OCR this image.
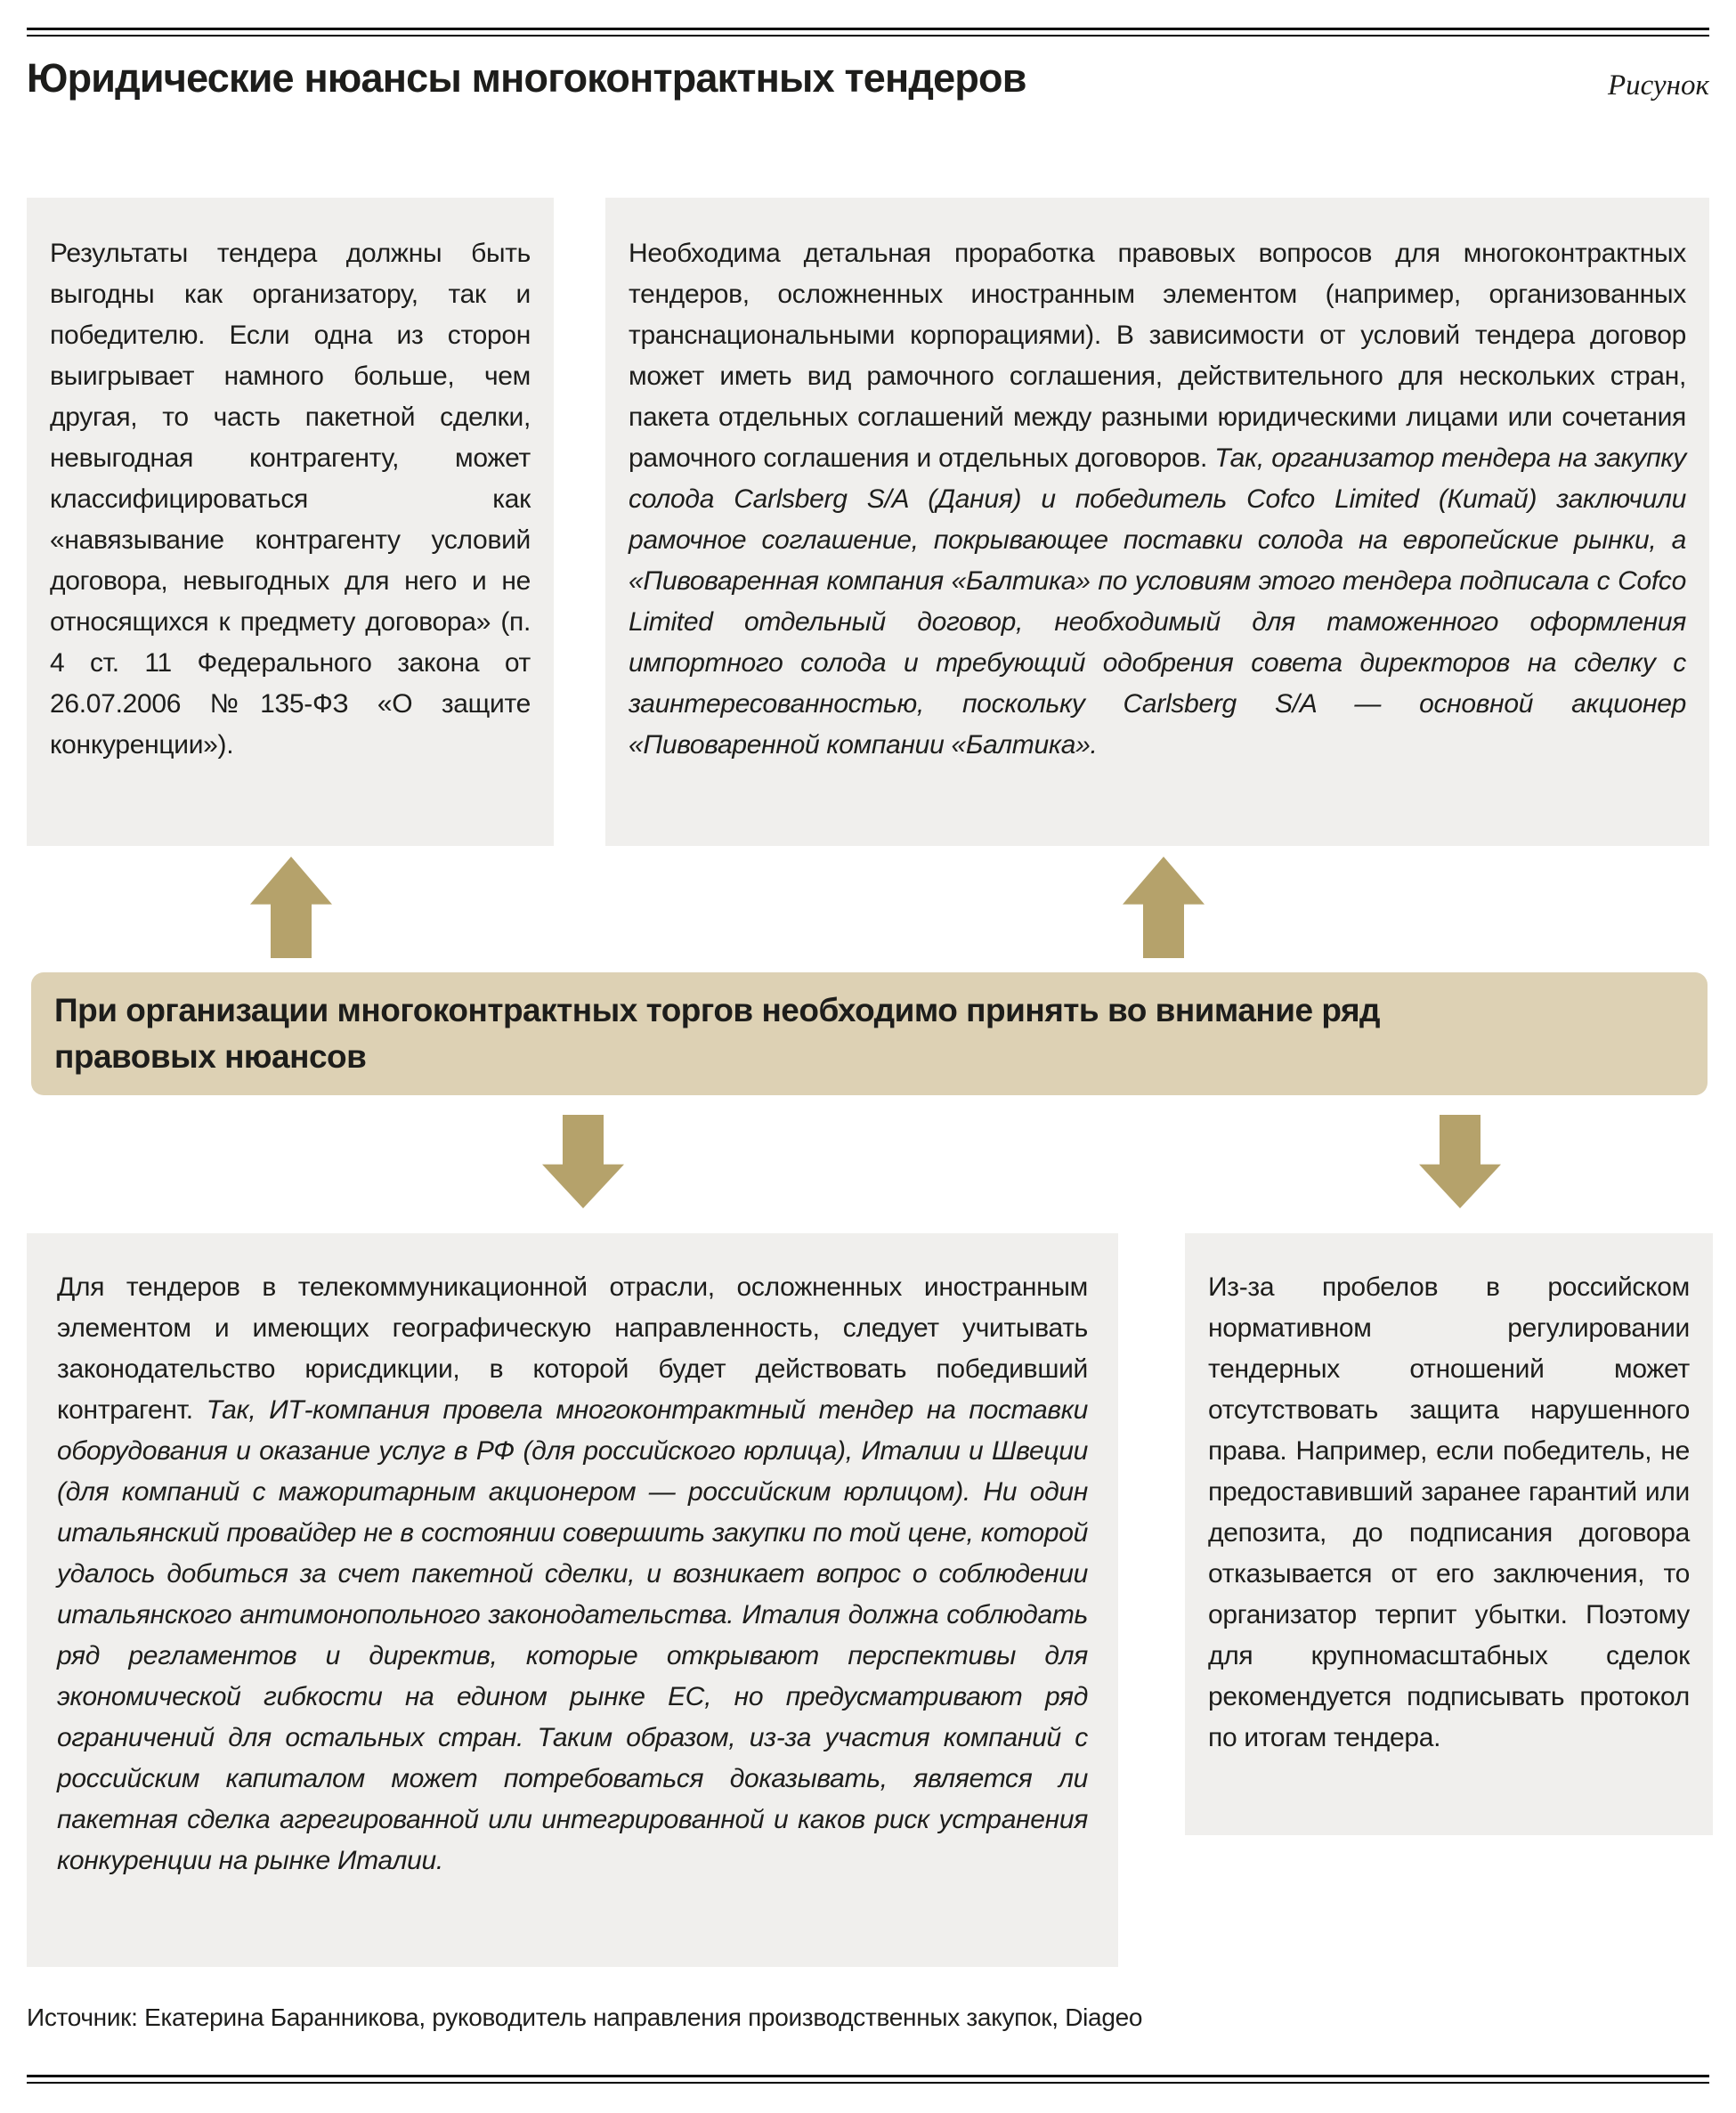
Юридические нюансы многоконтрактных тендеров	Рисунок

Результаты тендера должны быть выгодны как организатору, так и победителю. Если одна из сторон выигрывает намного больше, чем другая, то часть пакетной сделки, невыгодная контрагенту, может классифицироваться как «навязывание контрагенту условий договора, невыгодных для него и не относящихся к предмету договора» (п. 4 ст. 11 Федерального закона от 26.07.2006 №135-ФЗ «О защите конкуренции»).

Необходима детальная проработка правовых вопросов для многоконтрактных тендеров, осложненных иностранным элементом (например, организованных транснациональными корпорациями). В зависимости от условий тендера договор может иметь вид рамочного соглашения, действительного для нескольких стран, пакета отдельных соглашений между разными юридическими лицами или сочетания рамочного соглашения и отдельных договоров. Так, организатор тендера на закупку солода Carlsberg S/A (Дания) и победитель Cofco Limited (Китай) заключили рамочное соглашение, покрывающее поставки солода на европейские рынки, а «Пивоваренная компания «Балтика» по условиям этого тендера подписала с Cofco Limited отдельный договор, необходимый для таможенного оформления импортного солода и требующий одобрения совета директоров на сделку с заинтересованностью, поскольку Carlsberg S/A — основной акционер «Пивоваренной компании «Балтика».

При организации многоконтрактных торгов необходимо принять во внимание ряд
правовых нюансов

Для тендеров в телекоммуникационной отрасли, осложненных иностранным элементом и имеющих географическую направленность, следует учитывать законодательство юрисдикции, в которой будет действовать победивший контрагент. Так, ИТ-компания провела многоконтрактный тендер на поставки оборудования и оказание услуг в РФ (для российского юрлица), Италии и Швеции (для компаний с мажоритарным акционером — российским юрлицом). Ни один итальянский провайдер не в состоянии совершить закупки по той цене, которой удалось добиться за счет пакетной сделки, и возникает вопрос о соблюдении итальянского антимонопольного законодательства. Италия должна соблюдать ряд регламентов и директив, которые открывают перспективы для экономической гибкости на едином рынке ЕС, но предусматривают ряд ограничений для остальных стран. Таким образом, из-за участия компаний с российским капиталом может потребоваться доказывать, является ли пакетная сделка агрегированной или интегрированной и каков риск устранения конкуренции на рынке Италии.

Из-за пробелов в российском нормативном регулировании тендерных отношений может отсутствовать защита нарушенного права. Например, если победитель, не предоставивший заранее гарантий или депозита, до подписания договора отказывается от его заключения, то организатор терпит убытки. Поэтому для крупномасштабных сделок рекомендуется подписывать протокол по итогам тендера.

Источник: Екатерина Баранникова, руководитель направления производственных закупок, Diageo
